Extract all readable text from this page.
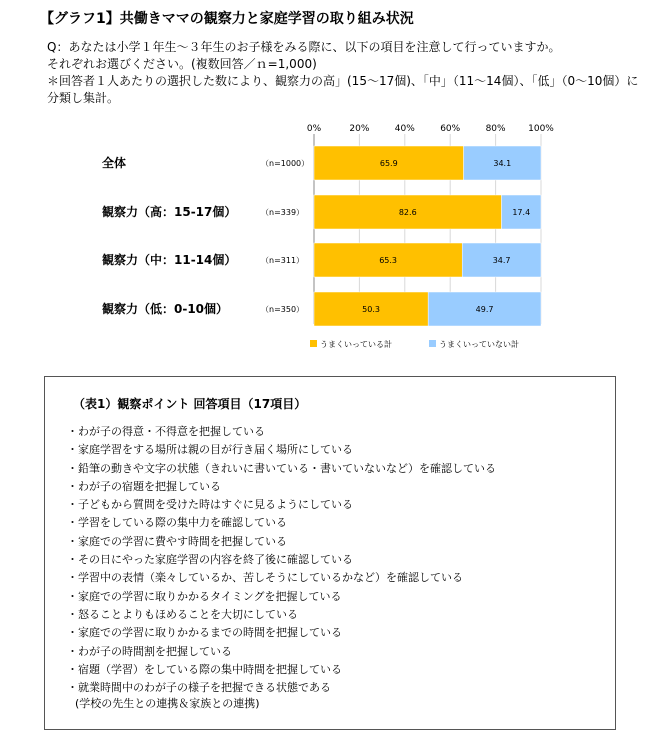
【グラフ1】共働きママの観察力と家庭学習の取り組み状況
Q：あなたは小学１年生～３年生のお子様をみる際に、以下の項目を注意して行っていますか。
それぞれお選びください。(複数回答／ｎ=1,000)
＊回答者１人あたりの選択した数により、観察力の高」(15～17個)、｢中｣（11～14個）、｢低｣（0～10個）に
分類し集計。
0%	20%	40%	60%	80%	100%
全体	（n=1000）	65.9	34.1
観察力（高：15-17個）	（n=339）	82.6	17.4
観察力（中：11-14個）	（n=311）	65.3	34.7
観察力（低：0-10個）	（n=350）	50.3	49.7
うまくいっている計	うまくいっていない計
（表1）観察ポイント 回答項目（17項目）
・ わが子の得意・不得意を把握している
・ 家庭学習をする場所は親の目が行き届く場所にしている
・ 鉛筆の動きや文字の状態（きれいに書いている・書いていないなど）を確認している
・ わが子の宿題を把握している
・ 子どもから質問を受けた時はすぐに見るようにしている
・ 学習をしている際の集中力を確認している
・ 家庭での学習に費やす時間を把握している
・ その日にやった家庭学習の内容を終了後に確認している
・ 学習中の表情（楽々しているか、苦しそうにしているかなど）を確認している
・ 家庭での学習に取りかかるタイミングを把握している
・ 怒ることよりもほめることを大切にしている
・ 家庭での学習に取りかかるまでの時間を把握している
・ わが子の時間割を把握している
・ 宿題（学習）をしている際の集中時間を把握している
・ 就業時間中のわが子の様子を把握できる状態である
(学校の先生との連携＆家族との連携)
